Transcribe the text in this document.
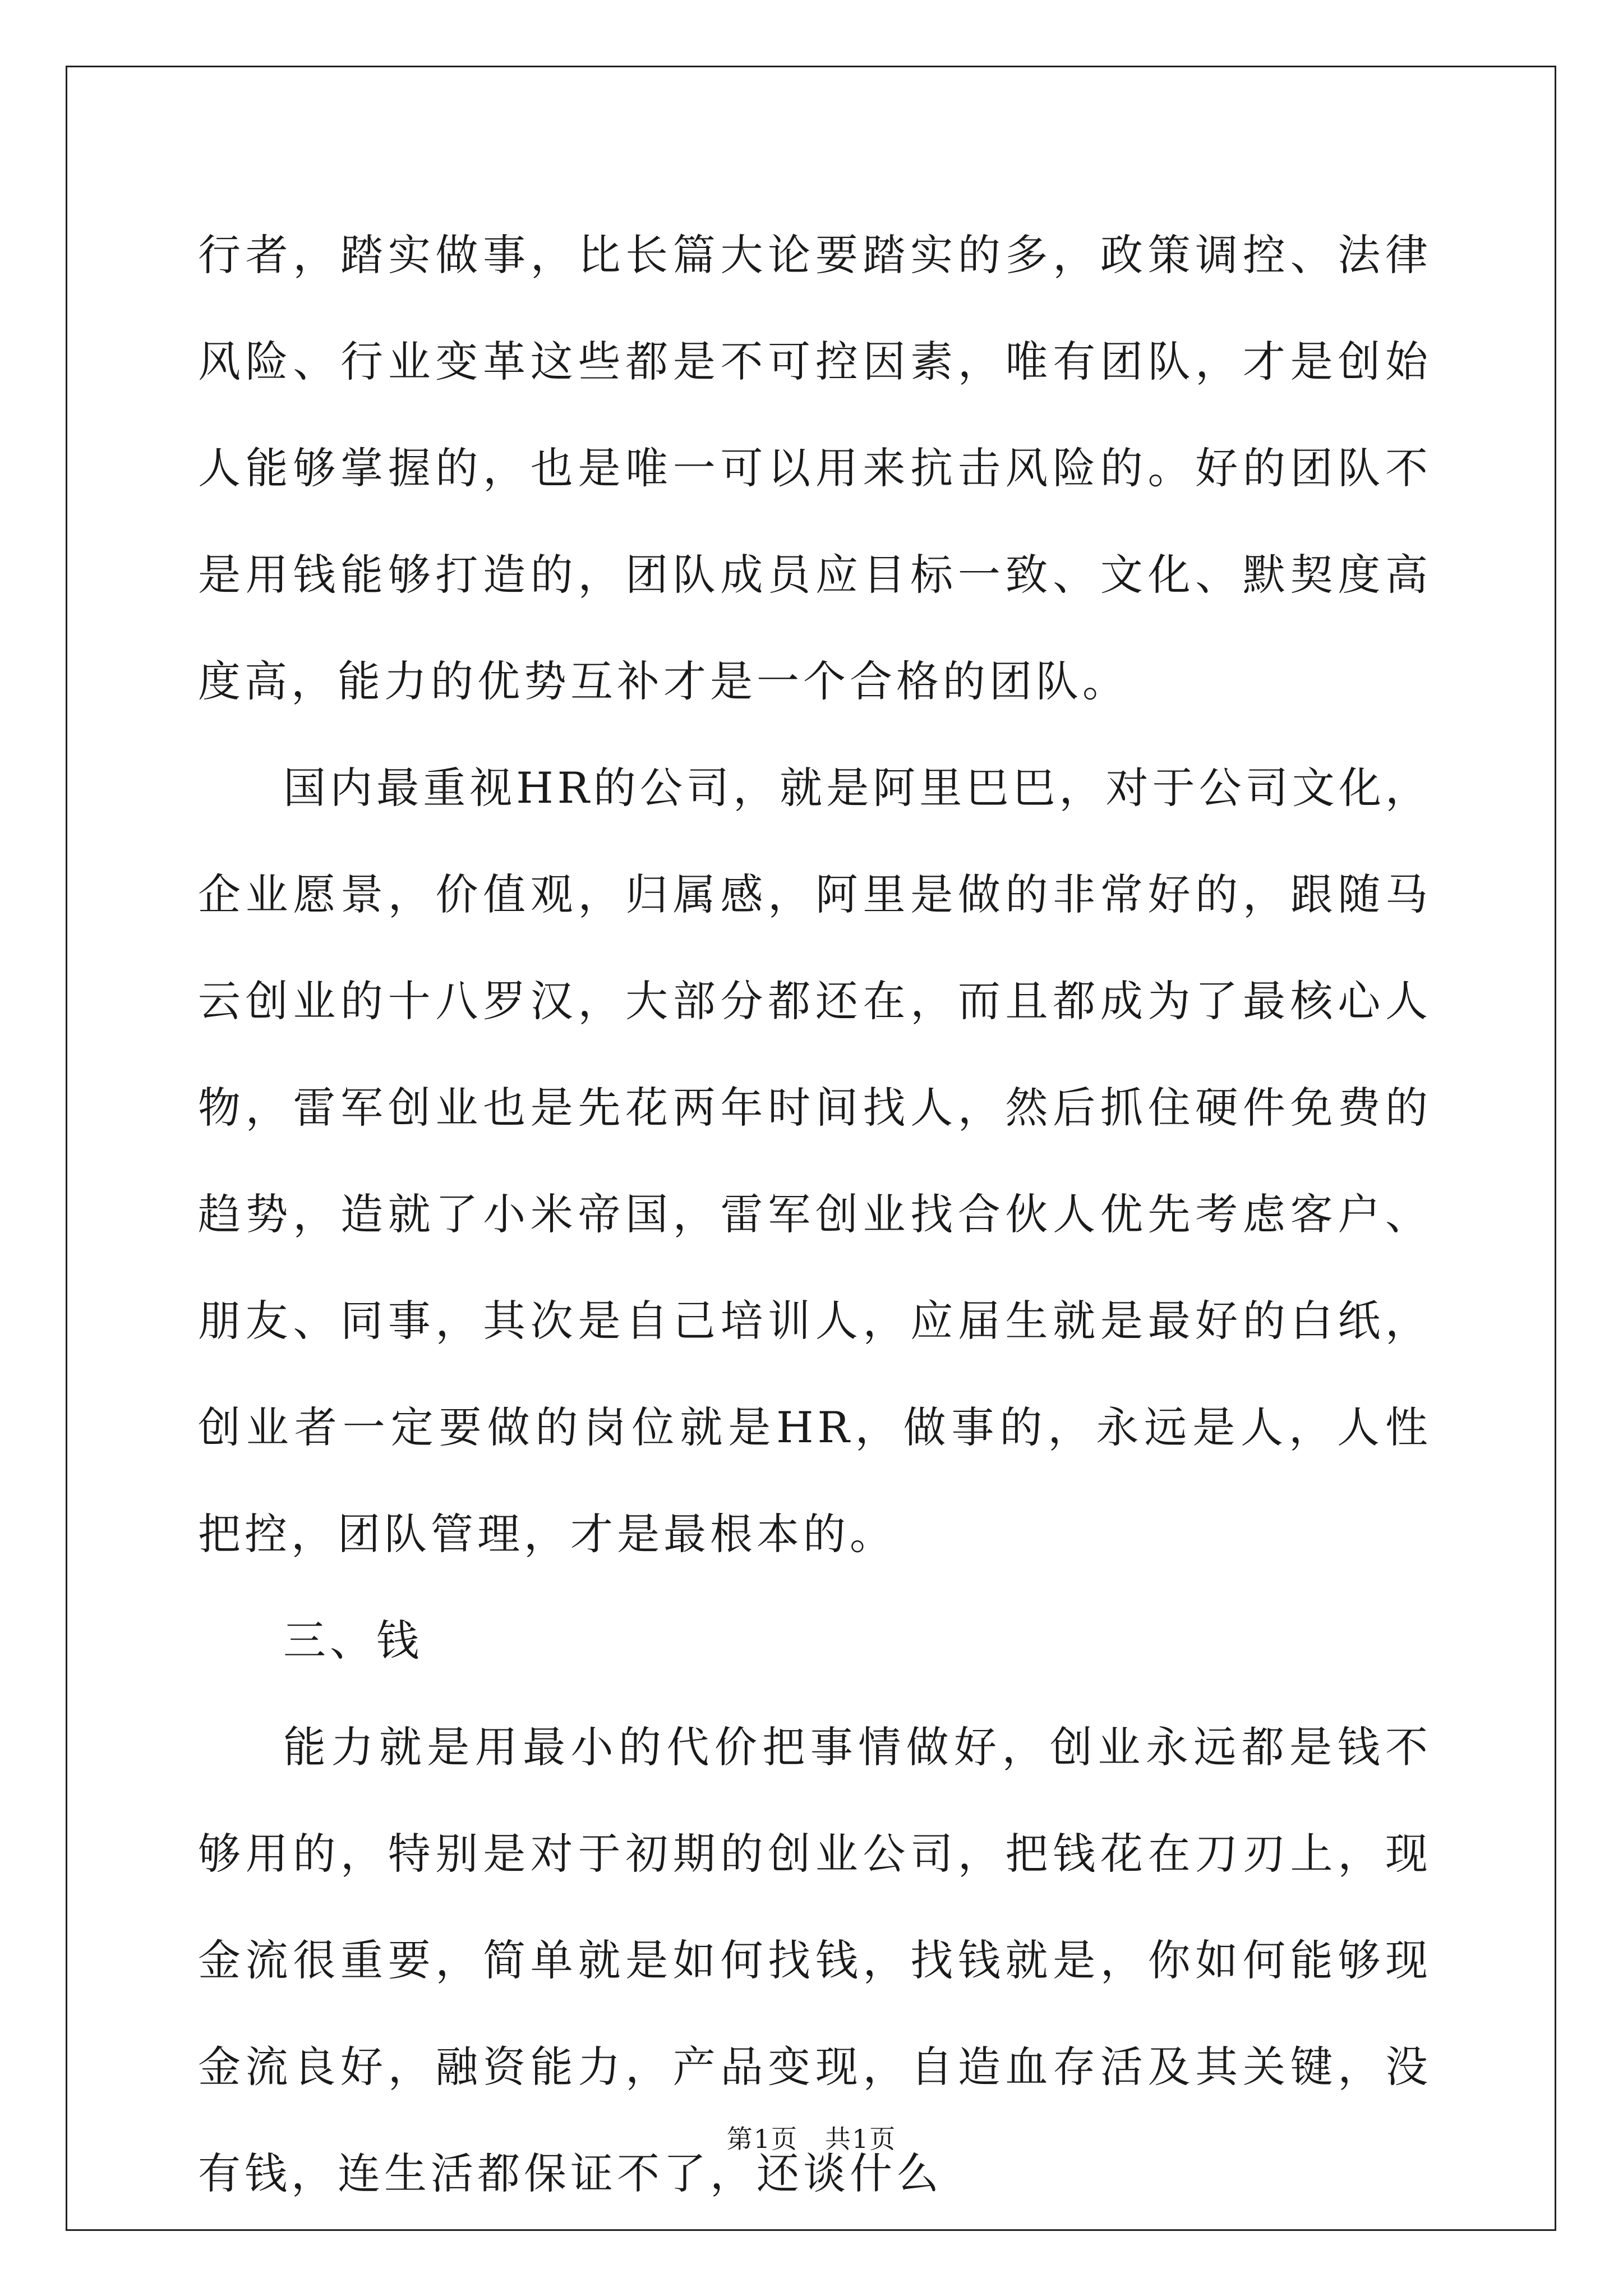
行者，踏实做事，比长篇大论要踏实的多，政策调控、法律风险、行业变革这些都是不可控因素，唯有团队，才是创始人能够掌握的，也是唯一可以用来抗击风险的。好的团队不是用钱能够打造的，团队成员应目标一致、文化、默契度高度高，能力的优势互补才是一个合格的团队。

国内最重视HR的公司，就是阿里巴巴，对于公司文化，企业愿景，价值观，归属感，阿里是做的非常好的，跟随马云创业的十八罗汉，大部分都还在，而且都成为了最核心人物，雷军创业也是先花两年时间找人，然后抓住硬件免费的趋势，造就了小米帝国，雷军创业找合伙人优先考虑客户、朋友、同事，其次是自己培训人，应届生就是最好的白纸，创业者一定要做的岗位就是HR，做事的，永远是人，人性把控，团队管理，才是最根本的。

三、钱

能力就是用最小的代价把事情做好，创业永远都是钱不够用的，特别是对于初期的创业公司，把钱花在刀刃上，现金流很重要，简单就是如何找钱，找钱就是，你如何能够现金流良好，融资能力，产品变现，自造血存活及其关键，没有钱，连生活都保证不了，还谈什么

第1页 共1页
